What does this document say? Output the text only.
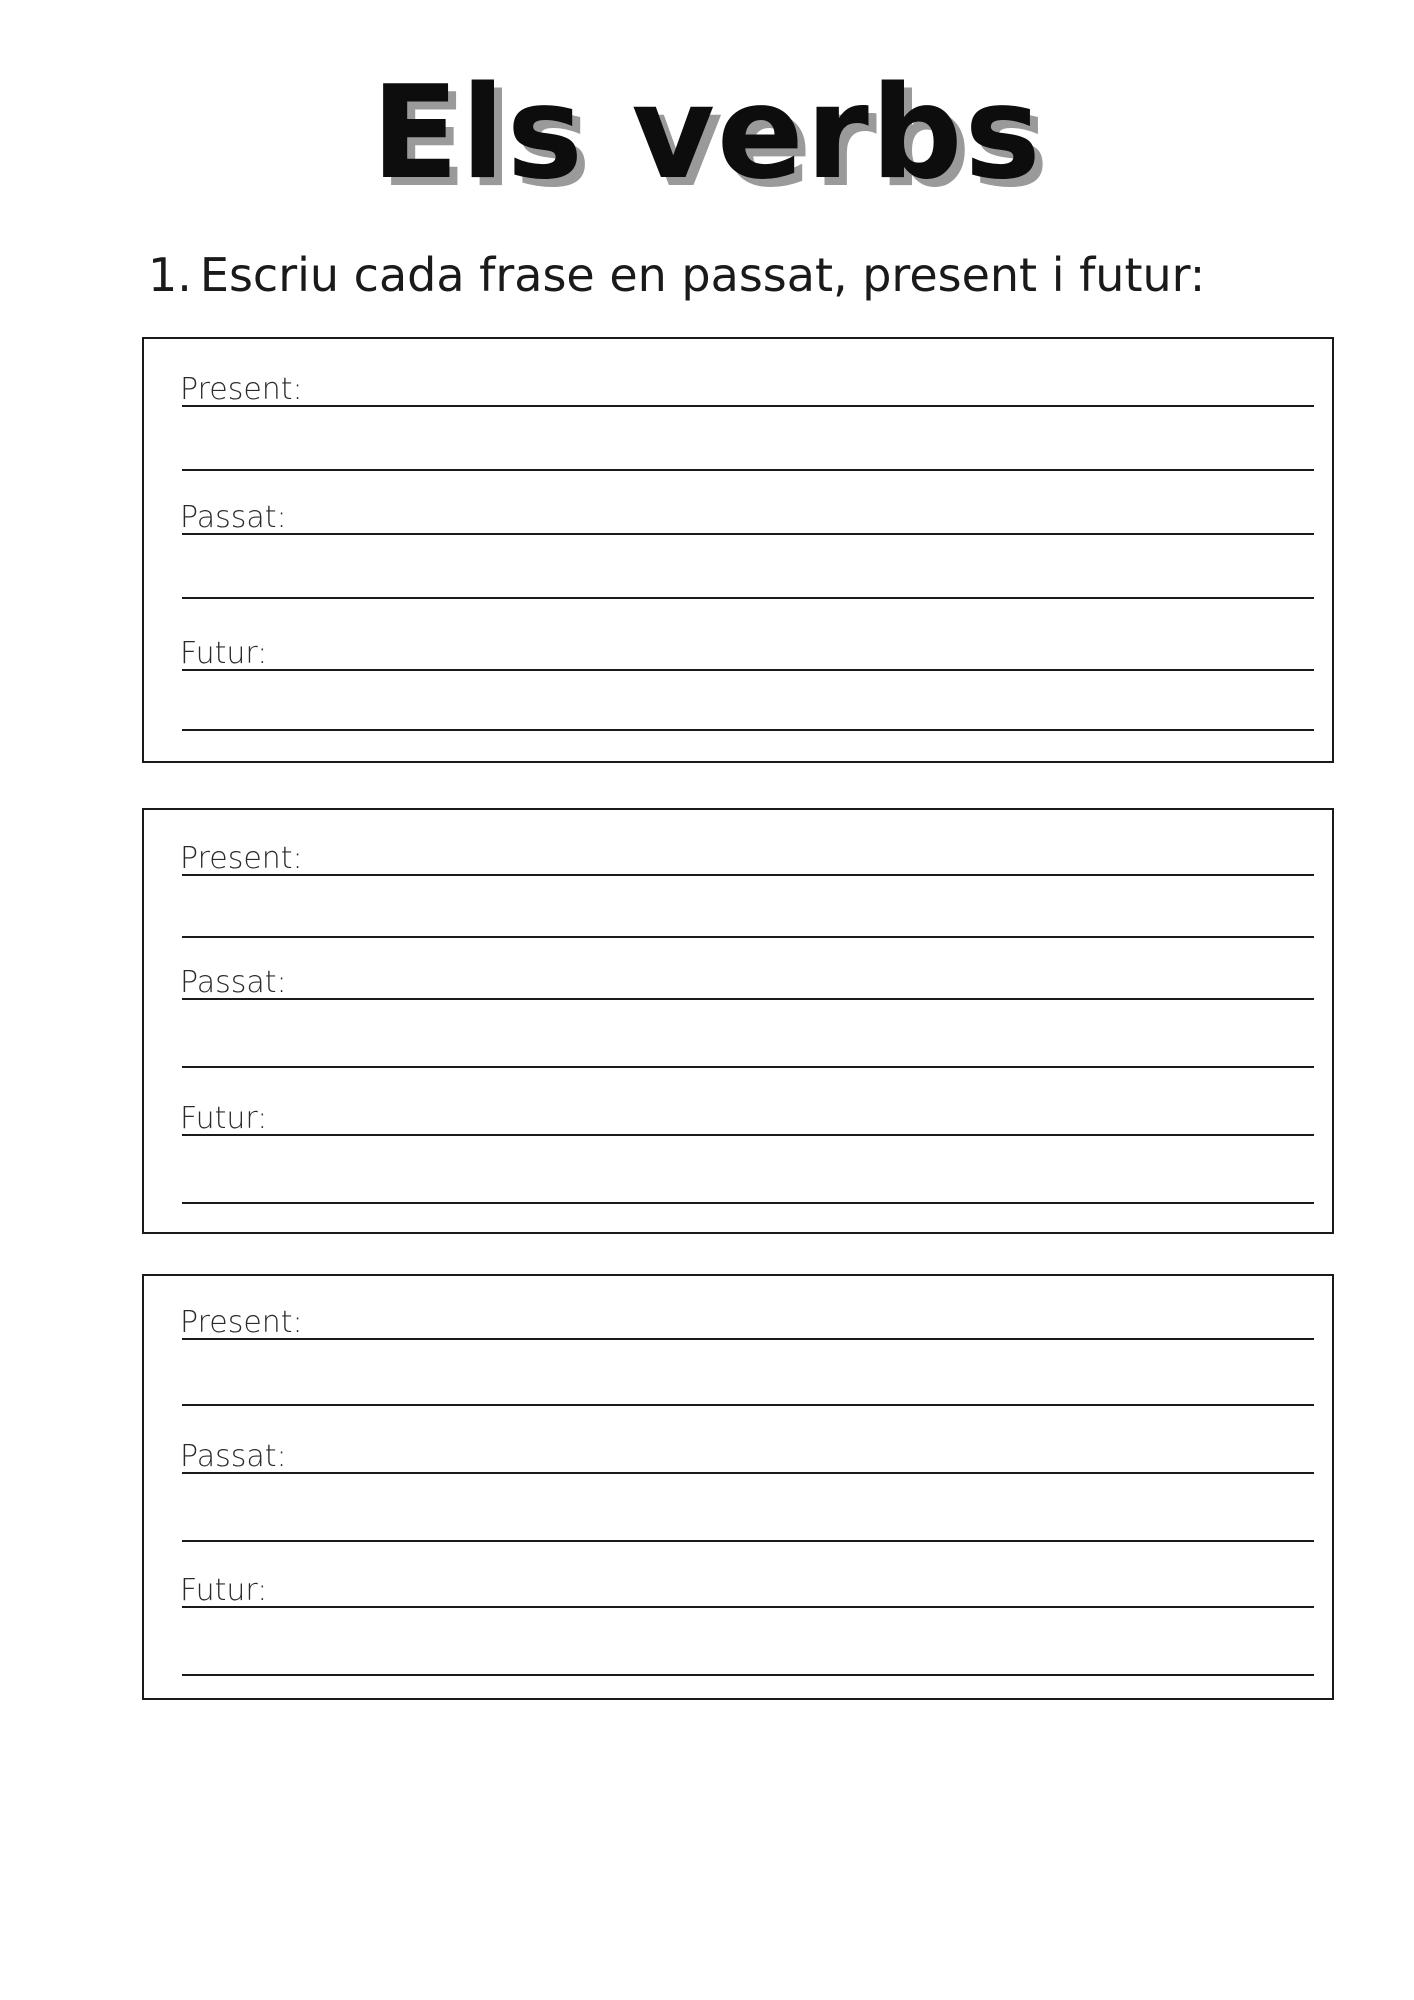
Els verbs
1. Escriu cada frase en passat, present i futur:
Present:
Passat:
Futur:
Present:
Passat:
Futur:
Present:
Passat:
Futur:
